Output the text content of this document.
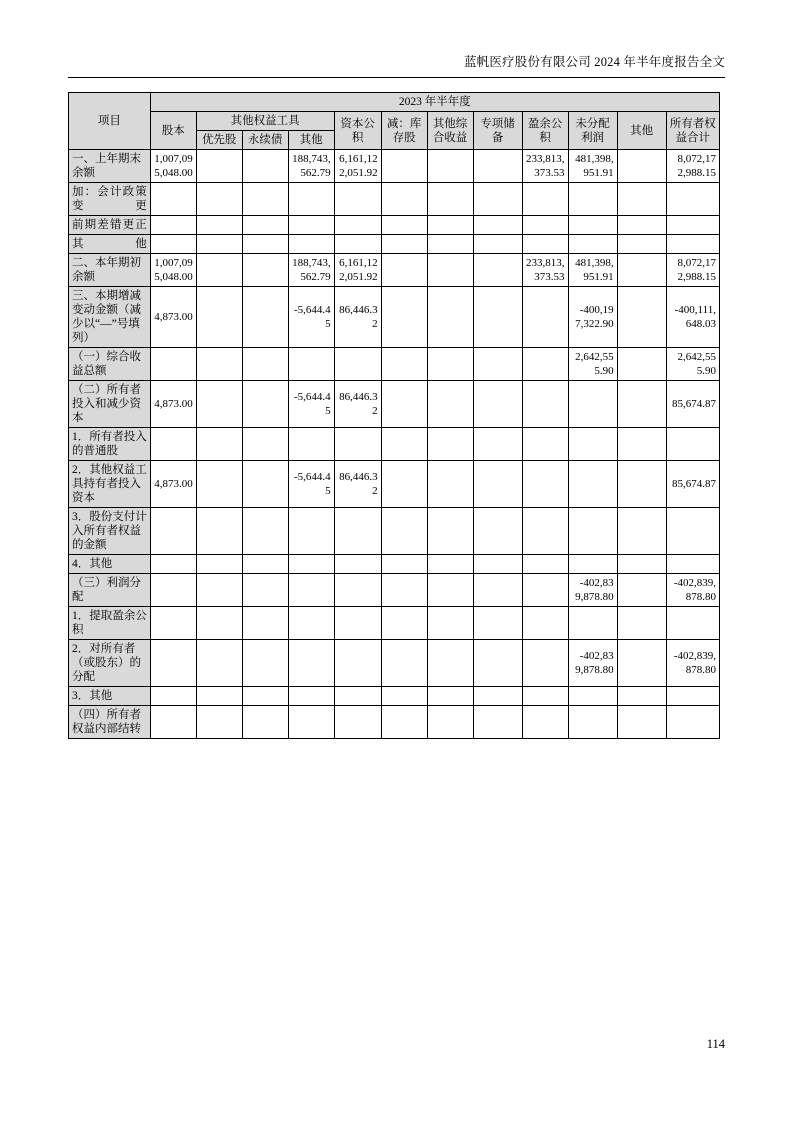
蓝帆医疗股份有限公司 2024 年半年度报告全文
项目	2023 年半年度											
	股本	其他权益工具			资本公积	减：库存股	其他综合收益	专项储备	盈余公积	未分配利润	其他	所有者权益合计
		优先股	永续债	其他								
一、上年期末余额	1,007,095,048.00			188,743,562.79	6,161,122,051.92				233,813,373.53	481,398,951.91		8,072,172,988.15
加：会计政策变更												
前期差错更正												
其他												
二、本年期初余额	1,007,095,048.00			188,743,562.79	6,161,122,051.92				233,813,373.53	481,398,951.91		8,072,172,988.15
三、本期增减变动金额（减少以“—”号填列）	4,873.00			-5,644.45	86,446.32					-400,197,322.90		-400,111,648.03
（一）综合收益总额										2,642,555.90		2,642,555.90
（二）所有者投入和减少资本	4,873.00			-5,644.45	86,446.32							85,674.87
1．所有者投入的普通股												
2．其他权益工具持有者投入资本	4,873.00			-5,644.45	86,446.32							85,674.87
3．股份支付计入所有者权益的金额												
4．其他												
（三）利润分配										-402,839,878.80		-402,839,878.80
1．提取盈余公积												
2．对所有者（或股东）的分配										-402,839,878.80		-402,839,878.80
3．其他												
（四）所有者权益内部结转												
114
